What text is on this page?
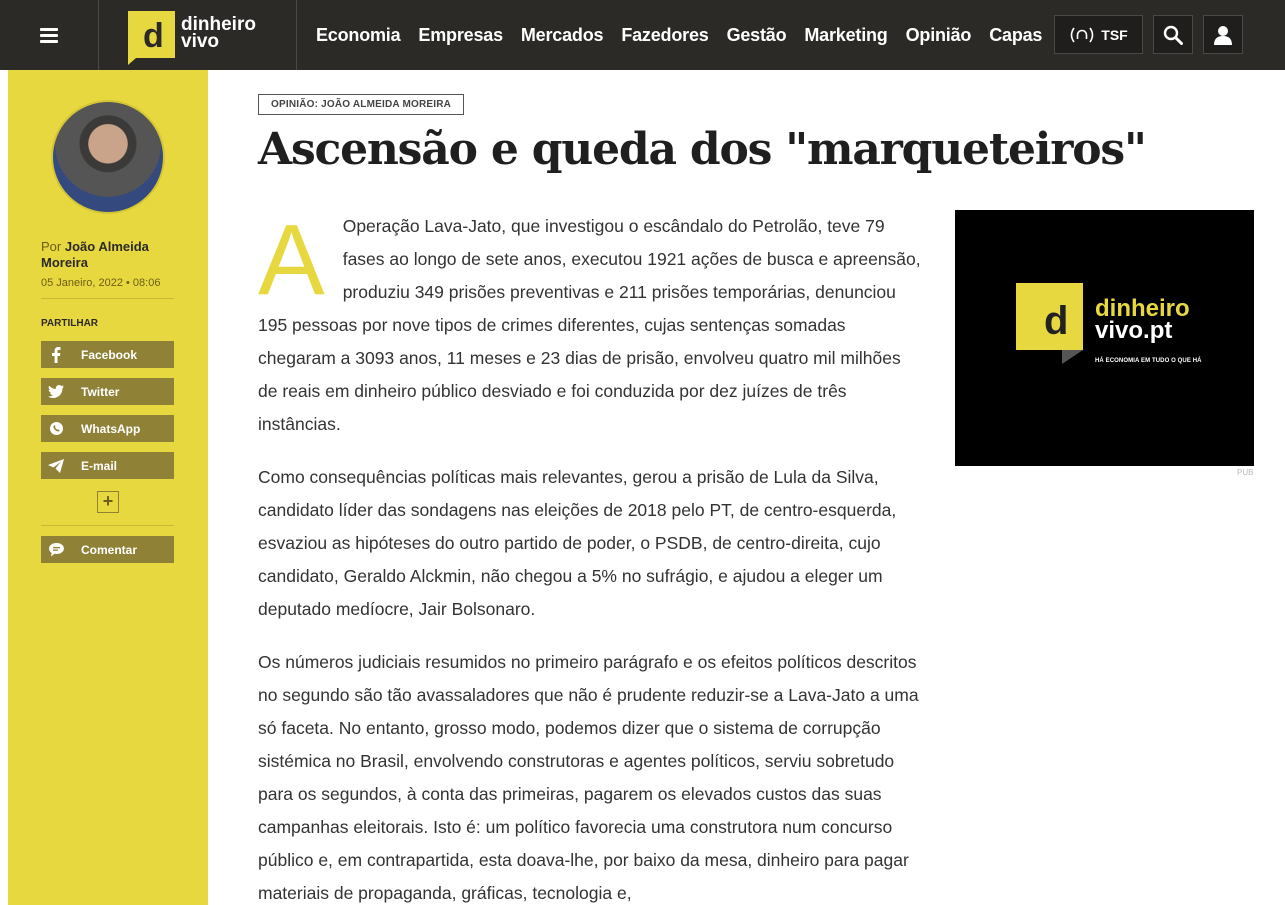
d dinheiro
vivo	Economia Empresas Mercados Fazedores Gestão Marketing Opinião Capas	TSF
Por João Almeida Moreira
05 Janeiro, 2022 • 08:06
PARTILHAR
Facebook
Twitter
WhatsApp
E-mail
+
Comentar
OPINIÃO: JOÃO ALMEIDA MOREIRA
Ascensão e queda dos "marqueteiros"

A Operação Lava-Jato, que investigou o escândalo do Petrolão, teve 79 fases ao longo de sete anos, executou 1921 ações de busca e apreensão, produziu 349 prisões preventivas e 211 prisões temporárias, denunciou 195 pessoas por nove tipos de crimes diferentes, cujas sentenças somadas chegaram a 3093 anos, 11 meses e 23 dias de prisão, envolveu quatro mil milhões de reais em dinheiro público desviado e foi conduzida por dez juízes de três instâncias.

Como consequências políticas mais relevantes, gerou a prisão de Lula da Silva, candidato líder das sondagens nas eleições de 2018 pelo PT, de centro-esquerda, esvaziou as hipóteses do outro partido de poder, o PSDB, de centro-direita, cujo candidato, Geraldo Alckmin, não chegou a 5% no sufrágio, e ajudou a eleger um deputado medíocre, Jair Bolsonaro.

Os números judiciais resumidos no primeiro parágrafo e os efeitos políticos descritos no segundo são tão avassaladores que não é prudente reduzir-se a Lava-Jato a uma só faceta. No entanto, grosso modo, podemos dizer que o sistema de corrupção sistémica no Brasil, envolvendo construtoras e agentes políticos, serviu sobretudo para os segundos, à conta das primeiras, pagarem os elevados custos das suas campanhas eleitorais. Isto é: um político favorecia uma construtora num concurso público e, em contrapartida, esta doava-lhe, por baixo da mesa, dinheiro para pagar materiais de propaganda, gráficas, tecnologia e,

d dinheiro
vivo.pt
HÁ ECONOMIA EM TUDO O QUE HÁ
PUB
